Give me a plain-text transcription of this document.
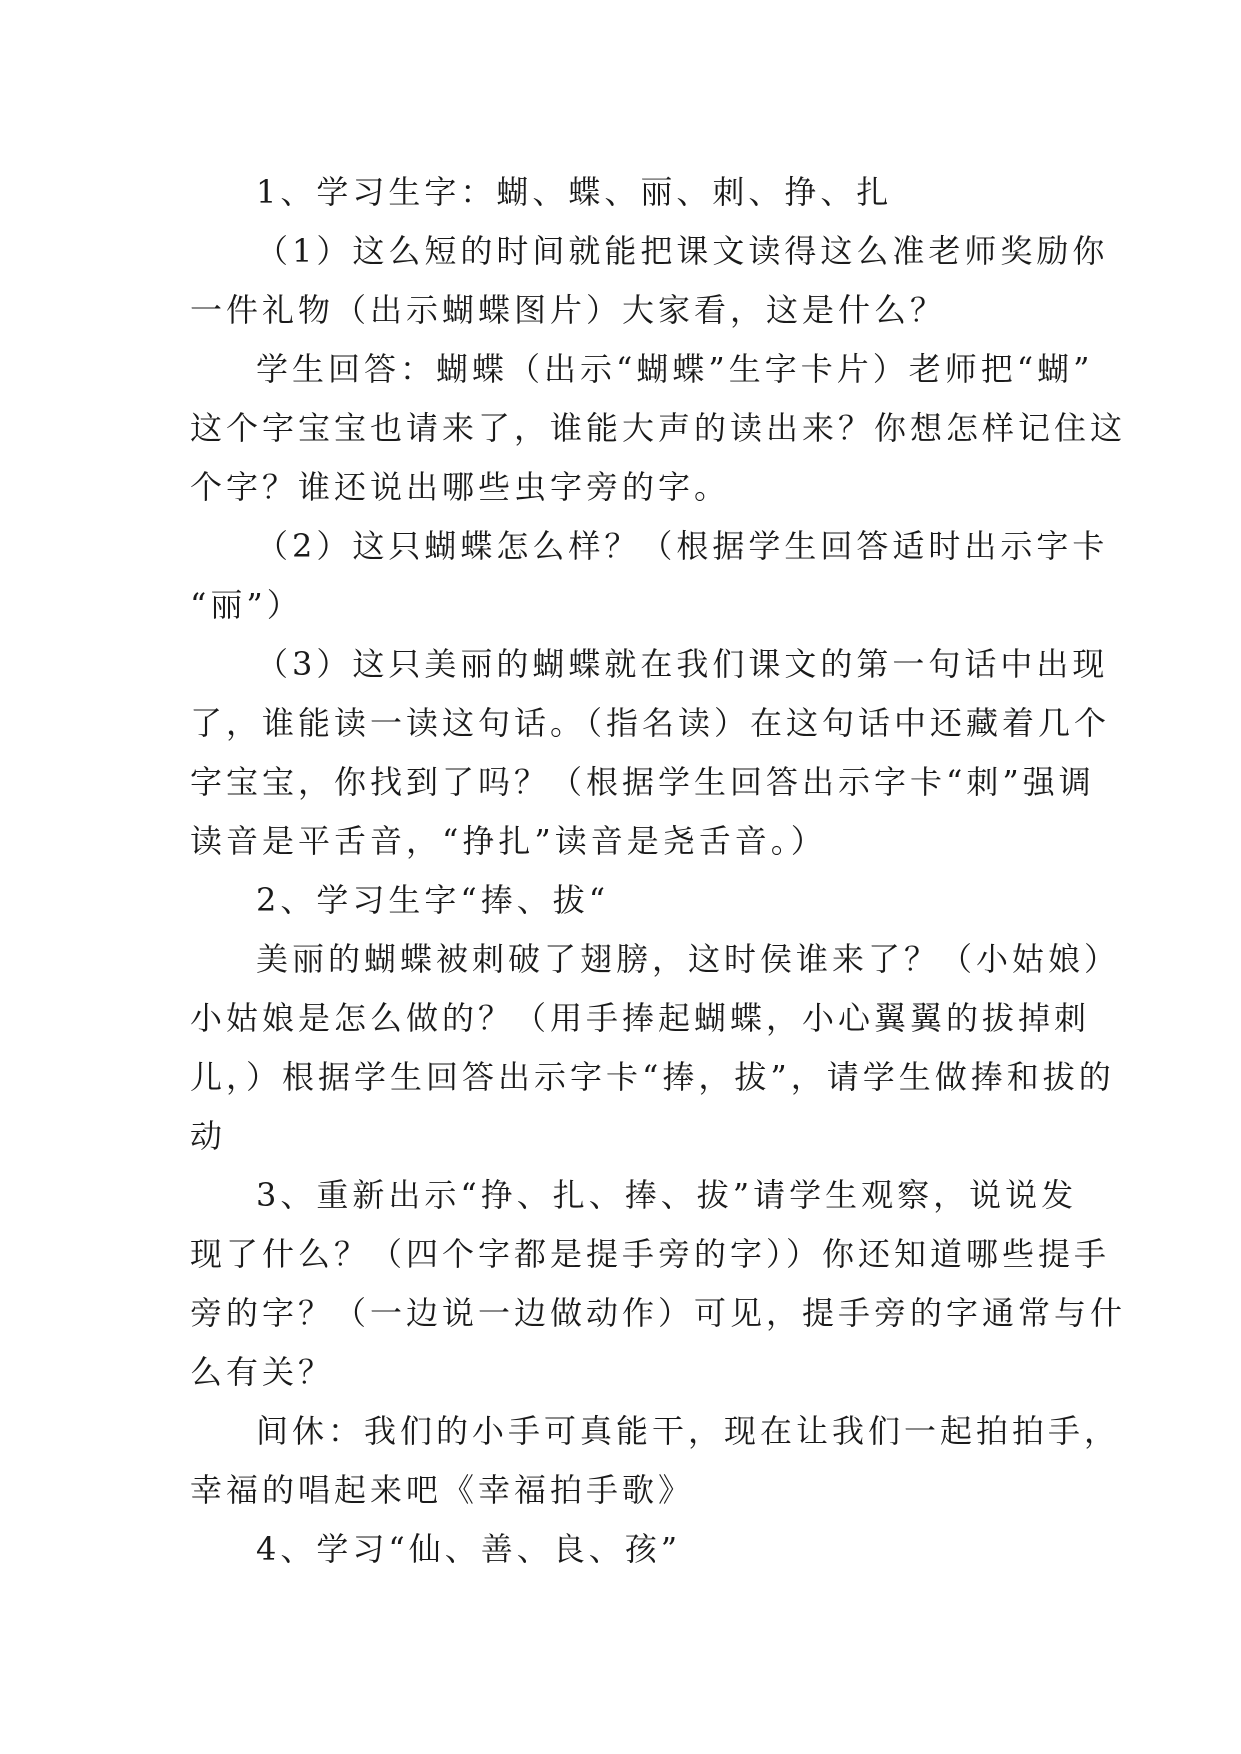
1、学习生字：蝴、蝶、丽、刺、挣、扎

（1）这么短的时间就能把课文读得这么准老师奖励你
一件礼物（出示蝴蝶图片）大家看，这是什么？

学生回答：蝴蝶（出示“蝴蝶”生字卡片）老师把“蝴”
这个字宝宝也请来了，谁能大声的读出来？你想怎样记住这
个字？谁还说出哪些虫字旁的字。

（2）这只蝴蝶怎么样？（根据学生回答适时出示字卡
“丽”）

（3）这只美丽的蝴蝶就在我们课文的第一句话中出现
了，谁能读一读这句话。（指名读）在这句话中还藏着几个
字宝宝，你找到了吗？（根据学生回答出示字卡“刺”强调
读音是平舌音，“挣扎”读音是尧舌音。）

2、学习生字“捧、拔“

美丽的蝴蝶被刺破了翅膀，这时侯谁来了？（小姑娘）
小姑娘是怎么做的？（用手捧起蝴蝶，小心翼翼的拔掉刺
儿，）根据学生回答出示字卡“捧，拔”，请学生做捧和拔的
动

3、重新出示“挣、扎、捧、拔”请学生观察，说说发
现了什么？（四个字都是提手旁的字））你还知道哪些提手
旁的字？（一边说一边做动作）可见，提手旁的字通常与什
么有关？

间休：我们的小手可真能干，现在让我们一起拍拍手，
幸福的唱起来吧《幸福拍手歌》

4、学习“仙、善、良、孩”
